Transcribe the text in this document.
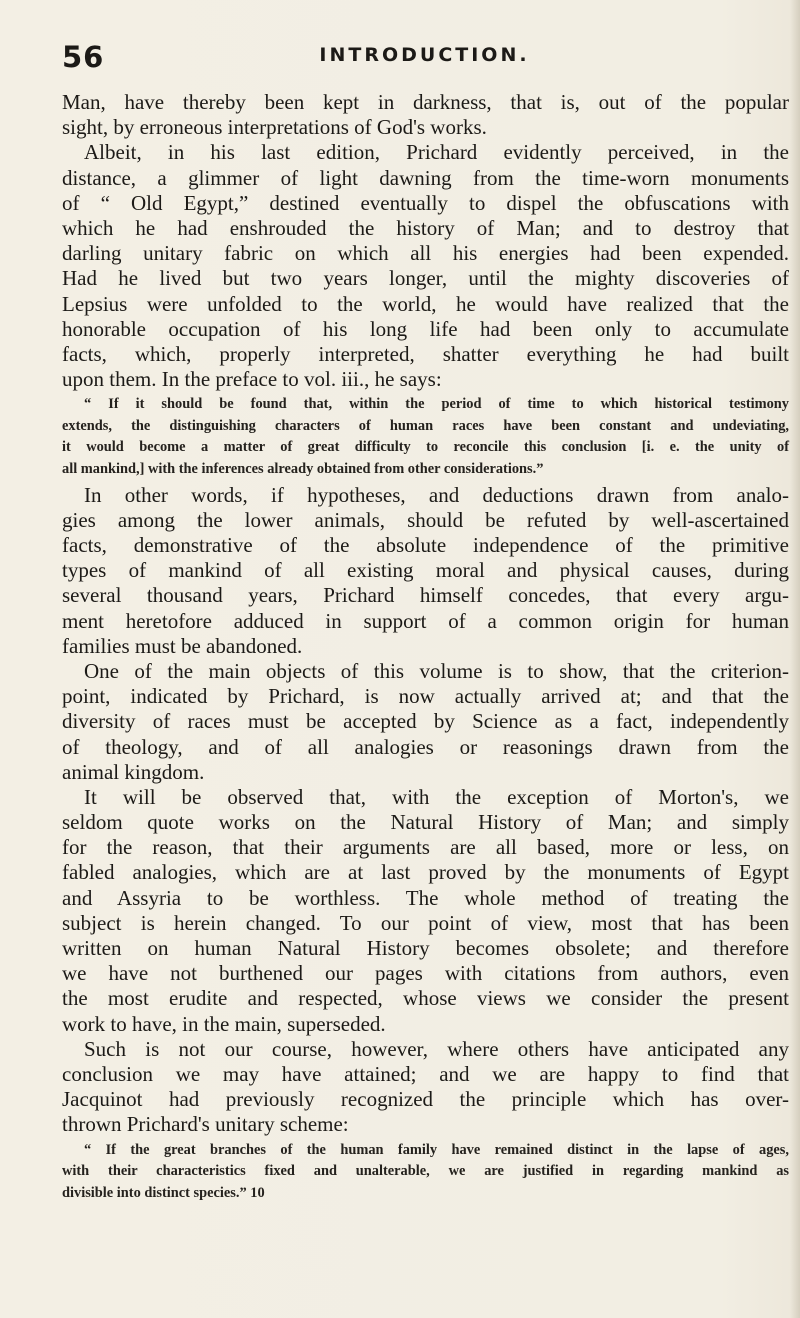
56	INTRODUCTION.
Man, have thereby been kept in darkness, that is, out of the popular
sight, by erroneous interpretations of God's works.
Albeit, in his last edition, Prichard evidently perceived, in the
distance, a glimmer of light dawning from the time-worn monuments
of “ Old Egypt,” destined eventually to dispel the obfuscations with
which he had enshrouded the history of Man; and to destroy that
darling unitary fabric on which all his energies had been expended.
Had he lived but two years longer, until the mighty discoveries of
Lepsius were unfolded to the world, he would have realized that the
honorable occupation of his long life had been only to accumulate
facts, which, properly interpreted, shatter everything he had built
upon them. In the preface to vol. iii., he says:
“ If it should be found that, within the period of time to which historical testimony
extends, the distinguishing characters of human races have been constant and undeviating,
it would become a matter of great difficulty to reconcile this conclusion [i. e. the unity of
all mankind,] with the inferences already obtained from other considerations.”
In other words, if hypotheses, and deductions drawn from analo-
gies among the lower animals, should be refuted by well-ascertained
facts, demonstrative of the absolute independence of the primitive
types of mankind of all existing moral and physical causes, during
several thousand years, Prichard himself concedes, that every argu-
ment heretofore adduced in support of a common origin for human
families must be abandoned.
One of the main objects of this volume is to show, that the criterion-
point, indicated by Prichard, is now actually arrived at; and that the
diversity of races must be accepted by Science as a fact, independently
of theology, and of all analogies or reasonings drawn from the
animal kingdom.
It will be observed that, with the exception of Morton's, we
seldom quote works on the Natural History of Man; and simply
for the reason, that their arguments are all based, more or less, on
fabled analogies, which are at last proved by the monuments of Egypt
and Assyria to be worthless. The whole method of treating the
subject is herein changed. To our point of view, most that has been
written on human Natural History becomes obsolete; and therefore
we have not burthened our pages with citations from authors, even
the most erudite and respected, whose views we consider the present
work to have, in the main, superseded.
Such is not our course, however, where others have anticipated any
conclusion we may have attained; and we are happy to find that
Jacquinot had previously recognized the principle which has over-
thrown Prichard's unitary scheme:
“ If the great branches of the human family have remained distinct in the lapse of ages,
with their characteristics fixed and unalterable, we are justified in regarding mankind as
divisible into distinct species.” 10
